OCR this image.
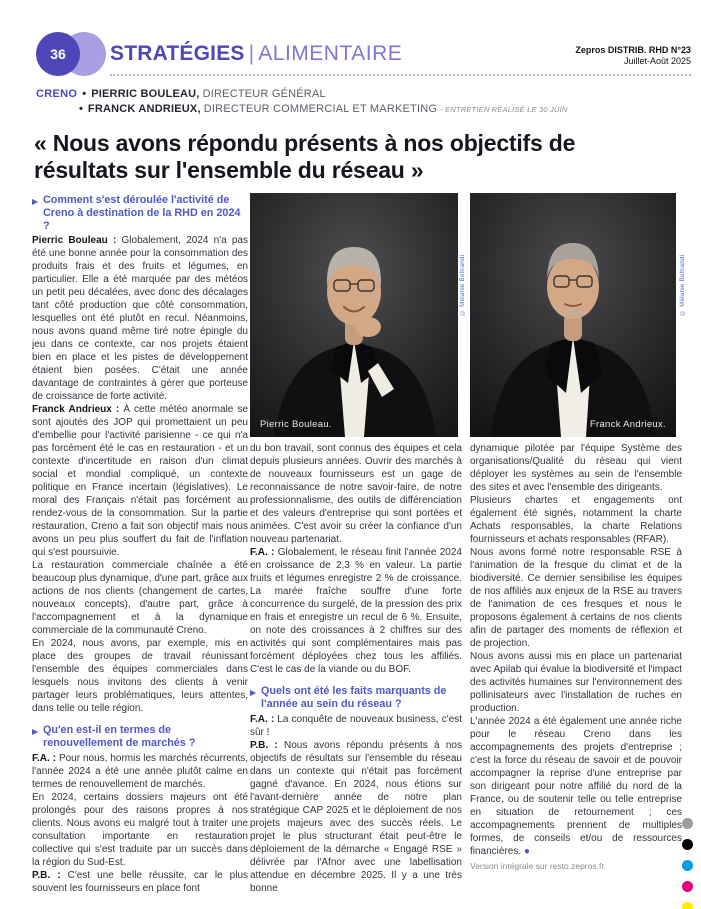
36 STRATÉGIES | ALIMENTAIRE	Zepros DISTRIB. RHD N°23
Juillet-Août 2025
CRENO • PIERRIC BOULEAU, DIRECTEUR GÉNÉRAL
• FRANCK ANDRIEUX, DIRECTEUR COMMERCIAL ET MARKETING - ENTRETIEN RÉALISÉ LE 30 JUIN
« Nous avons répondu présents à nos objectifs de résultats sur l'ensemble du réseau »
▶ Comment s'est déroulée l'activité de Creno à destination de la RHD en 2024 ?

Pierric Bouleau : Globalement, 2024 n'a pas été une bonne année pour la consommation des produits frais et des fruits et légumes, en particulier. Elle a été marquée par des météos un petit peu décalées, avec donc des décalages tant côté production que côté consommation, lesquelles ont été plutôt en recul. Néanmoins, nous avons quand même tiré notre épingle du jeu dans ce contexte, car nos projets étaient bien en place et les pistes de développement étaient bien posées. C'était une année davantage de contraintes à gérer que porteuse de croissance de forte activité.

Franck Andrieux : À cette météo anormale se sont ajoutés des JOP qui promettaient un peu d'embellie pour l'activité parisienne - ce qui n'a pas forcément été le cas en restauration - et un contexte d'incertitude en raison d'un climat social et mondial compliqué, un contexte politique en France incertain (législatives). Le moral des Français n'était pas forcément au rendez-vous de la consommation. Sur la partie restauration, Creno a fait son objectif mais nous avons un peu plus souffert du fait de l'inflation qui s'est poursuivie.

La restauration commerciale chaînée a été beaucoup plus dynamique, d'une part, grâce aux actions de nos clients (changement de cartes, nouveaux concepts), d'autre part, grâce à l'accompagnement et à la dynamique commerciale de la communauté Creno.

En 2024, nous avons, par exemple, mis en place des groupes de travail réunissant l'ensemble des équipes commerciales dans lesquels nous invitons des clients à venir partager leurs problématiques, leurs attentes, dans telle ou telle région.

▶ Qu'en est-il en termes de renouvellement de marchés ?

F.A. : Pour nous, hormis les marchés récurrents, l'année 2024 a été une année plutôt calme en termes de renouvellement de marchés.

En 2024, certains dossiers majeurs ont été prolongés pour des raisons propres à nos clients. Nous avons eu malgré tout à traiter une consultation importante en restauration collective qui s'est traduite par un succès dans la région du Sud-Est.

P.B. : C'est une belle réussite, car le plus souvent les fournisseurs en place font

Pierric Bouleau.
© Mélanie Beltrandi
Franck Andrieux.
© Mélanie Beltrandi

du bon travail, sont connus des équipes et cela depuis plusieurs années. Ouvrir des marchés à de nouveaux fournisseurs est un gage de reconnaissance de notre savoir-faire, de notre professionnalisme, des outils de différenciation et des valeurs d'entreprise qui sont portées et animées. C'est avoir su créer la confiance d'un nouveau partenariat.

F.A. : Globalement, le réseau finit l'année 2024 en croissance de 2,3 % en valeur. La partie fruits et légumes enregistre 2 % de croissance. La marée fraîche souffre d'une forte concurrence du surgelé, de la pression des prix en frais et enregistre un recul de 6 %. Ensuite, on note des croissances à 2 chiffres sur des activités qui sont complémentaires mais pas forcément déployées chez tous les affiliés. C'est le cas de la viande ou du BOF.

▶ Quels ont été les faits marquants de l'année au sein du réseau ?

F.A. : La conquête de nouveaux business, c'est sûr !

P.B. : Nous avons répondu présents à nos objectifs de résultats sur l'ensemble du réseau dans un contexte qui n'était pas forcément gagné d'avance. En 2024, nous étions sur l'avant-dernière année de notre plan stratégique CAP 2025 et le déploiement de nos projets majeurs avec des succès réels. Le projet le plus structurant était peut-être le déploiement de la démarche « Engagé RSE » délivrée par l'Afnor avec une labellisation attendue en décembre 2025. Il y a une très bonne

dynamique pilotée par l'équipe Système des organisations/Qualité du réseau qui vient déployer les systèmes au sein de l'ensemble des sites et avec l'ensemble des dirigeants.

Plusieurs chartes et engagements ont également été signés, notamment la charte Achats responsables, la charte Relations fournisseurs et achats responsables (RFAR).

Nous avons formé notre responsable RSE à l'animation de la fresque du climat et de la biodiversité. Ce dernier sensibilise les équipes de nos affiliés aux enjeux de la RSE au travers de l'animation de ces fresques et nous le proposons également à certains de nos clients afin de partager des moments de réflexion et de projection.

Nous avons aussi mis en place un partenariat avec Apilab qui évalue la biodiversité et l'impact des activités humaines sur l'environnement des pollinisateurs avec l'installation de ruches en production.

L'année 2024 a été également une année riche pour le réseau Creno dans les accompagnements des projets d'entreprise ; c'est la force du réseau de savoir et de pouvoir accompagner la reprise d'une entreprise par son dirigeant pour notre affilié du nord de la France, ou de soutenir telle ou telle entreprise en situation de retournement ; ces accompagnements prennent de multiples formes, de conseils et/ou de ressources financières. ●

Version intégrale sur resto.zepros.fr
